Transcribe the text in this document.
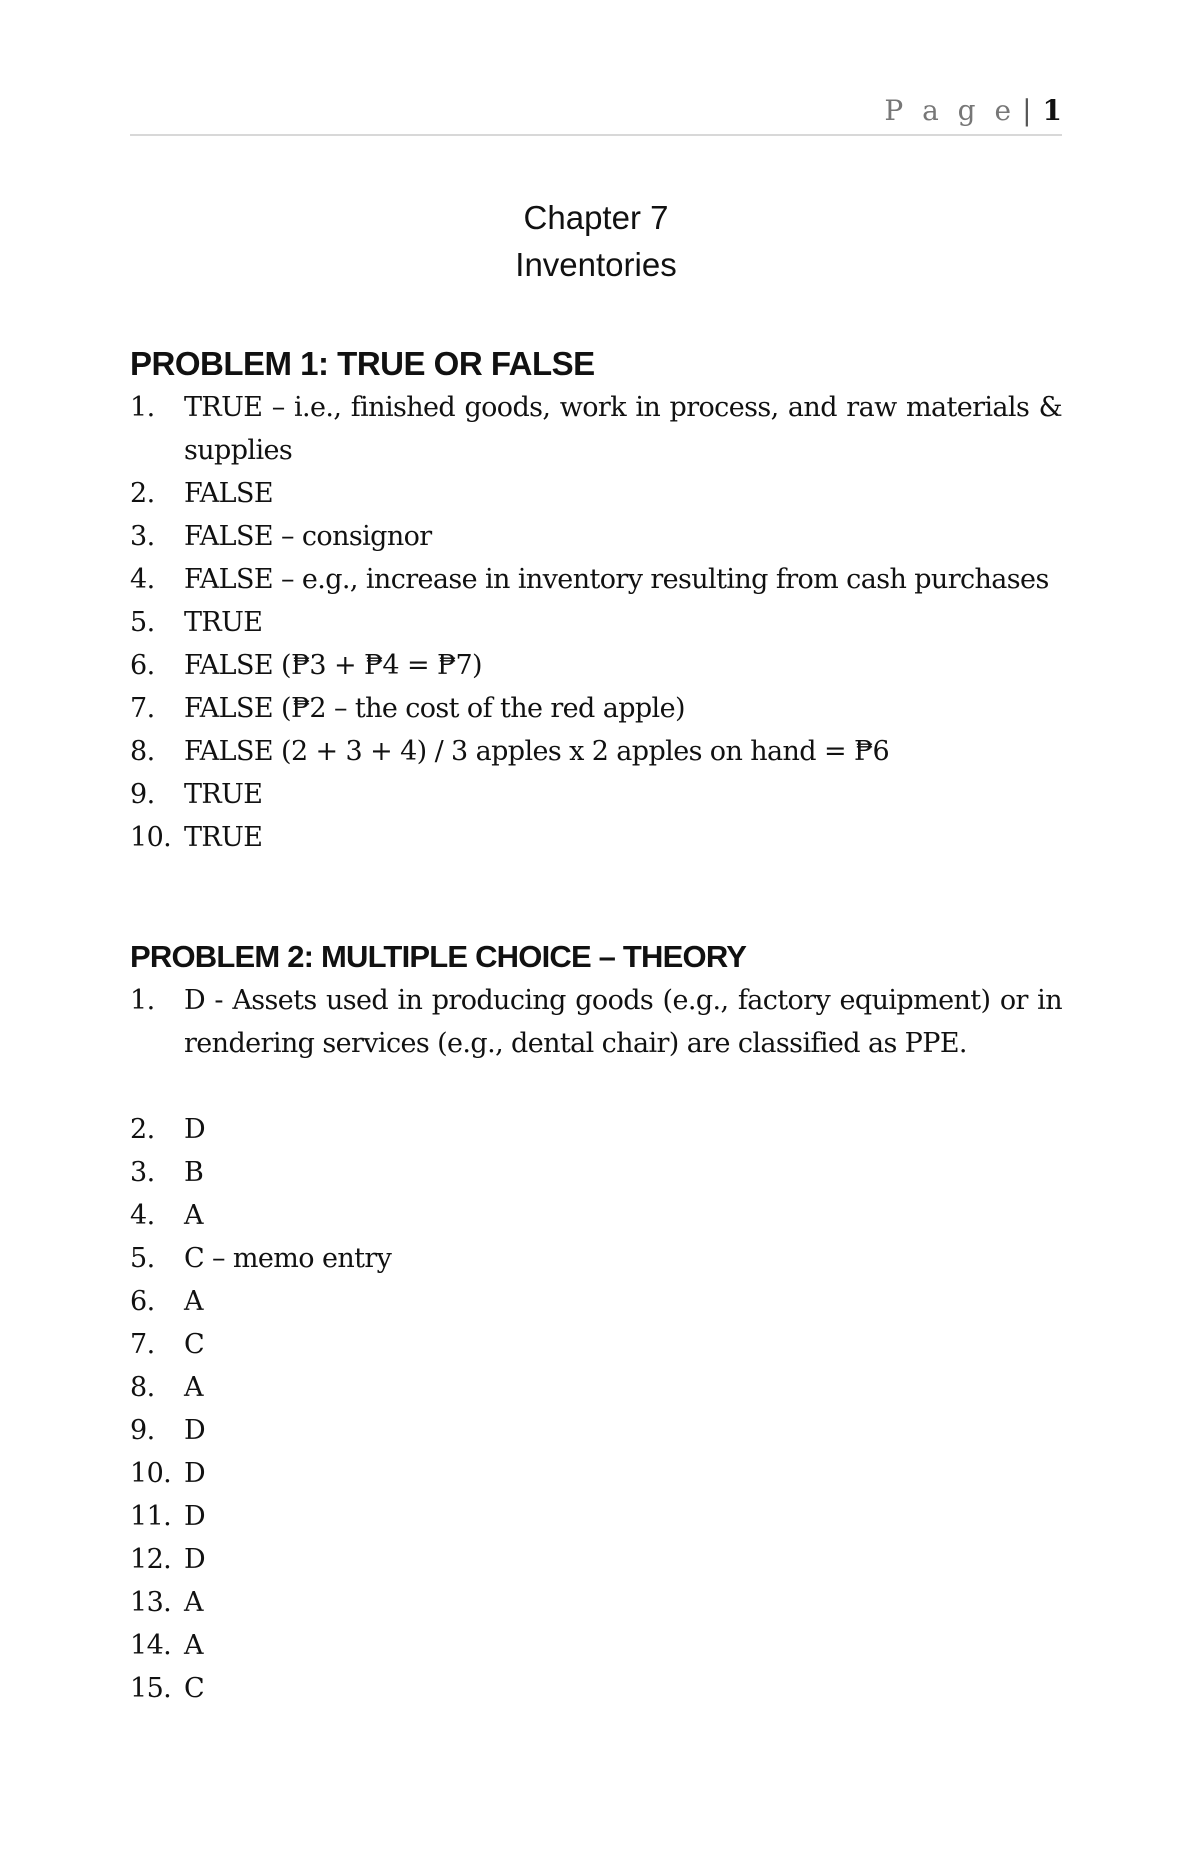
P a g e | 1
Chapter 7
Inventories
PROBLEM 1: TRUE OR FALSE
1.	TRUE – i.e., finished goods, work in process, and raw materials & supplies
2.	FALSE
3.	FALSE – consignor
4.	FALSE – e.g., increase in inventory resulting from cash purchases
5.	TRUE
6.	FALSE (₱3 + ₱4 = ₱7)
7.	FALSE (₱2 – the cost of the red apple)
8.	FALSE (2 + 3 + 4) / 3 apples x 2 apples on hand = ₱6
9.	TRUE
10. TRUE
PROBLEM 2: MULTIPLE CHOICE – THEORY
1.	D - Assets used in producing goods (e.g., factory equipment) or in rendering services (e.g., dental chair) are classified as PPE.
2.	D
3.	B
4.	A
5.	C – memo entry
6.	A
7.	C
8.	A
9.	D
10. D
11. D
12. D
13. A
14. A
15. C
